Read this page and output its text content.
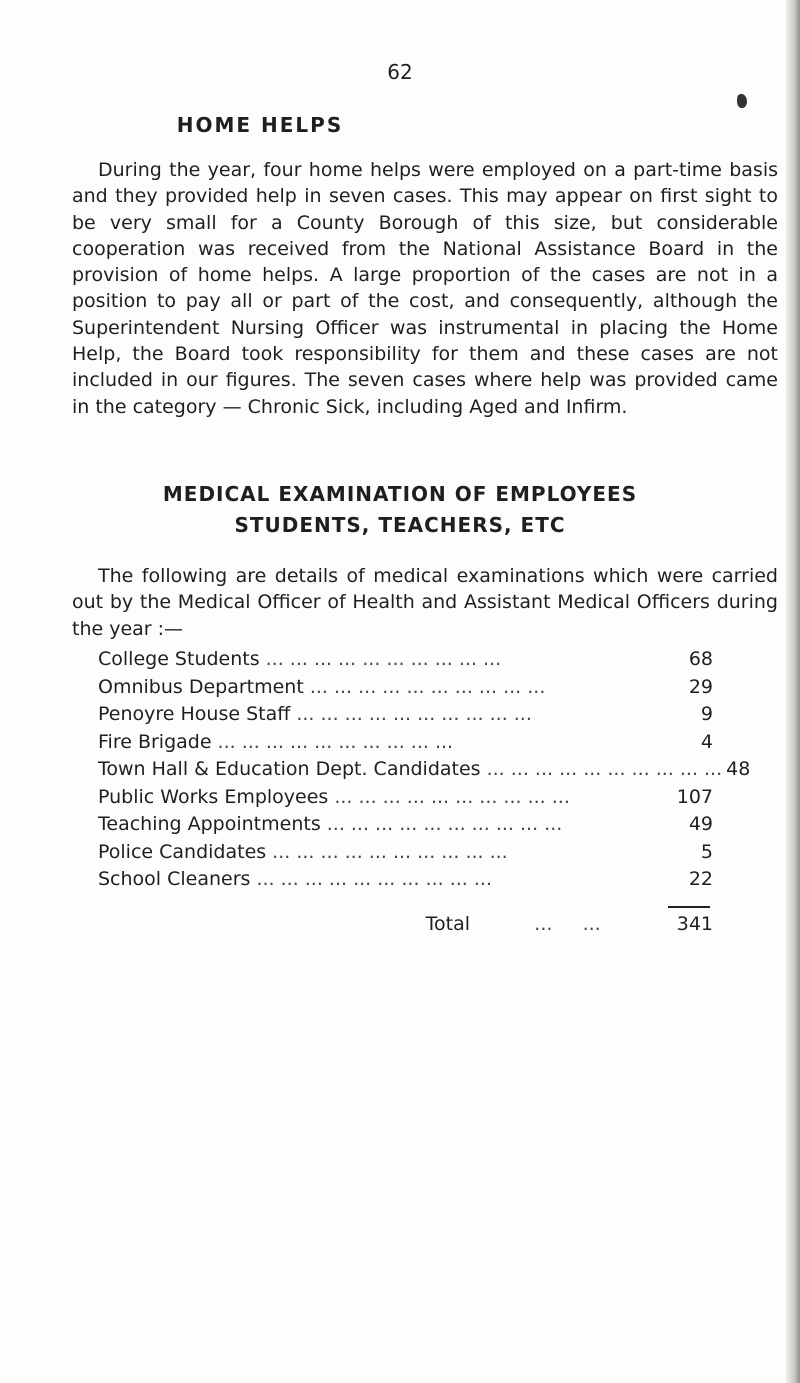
62
HOME HELPS

During the year, four home helps were employed on a part-time basis and they provided help in seven cases. This may appear on first sight to be very small for a County Borough of this size, but considerable cooperation was received from the National Assistance Board in the provision of home helps. A large proportion of the cases are not in a position to pay all or part of the cost, and consequently, although the Superintendent Nursing Officer was instrumental in placing the Home Help, the Board took responsibility for them and these cases are not included in our figures. The seven cases where help was provided came in the category — Chronic Sick, including Aged and Infirm.

MEDICAL EXAMINATION OF EMPLOYEES
STUDENTS, TEACHERS, ETC

The following are details of medical examinations which were carried out by the Medical Officer of Health and Assistant Medical Officers during the year :—

College Students ... ... ... ... ... ... ... ... ... ...	68
Omnibus Department ... ... ... ... ... ... ... ... ... ...	29
Penoyre House Staff ... ... ... ... ... ... ... ... ... ...	9
Fire Brigade ... ... ... ... ... ... ... ... ... ...	4
Town Hall & Education Dept. Candidates ... ... ... ... ... ... ... ... ... ... 48
Public Works Employees ... ... ... ... ... ... ... ... ... ...	107
Teaching Appointments ... ... ... ... ... ... ... ... ... ...	49
Police Candidates ... ... ... ... ... ... ... ... ... ...	5
School Cleaners ... ... ... ... ... ... ... ... ... ...	22
Total	...     ...	341
